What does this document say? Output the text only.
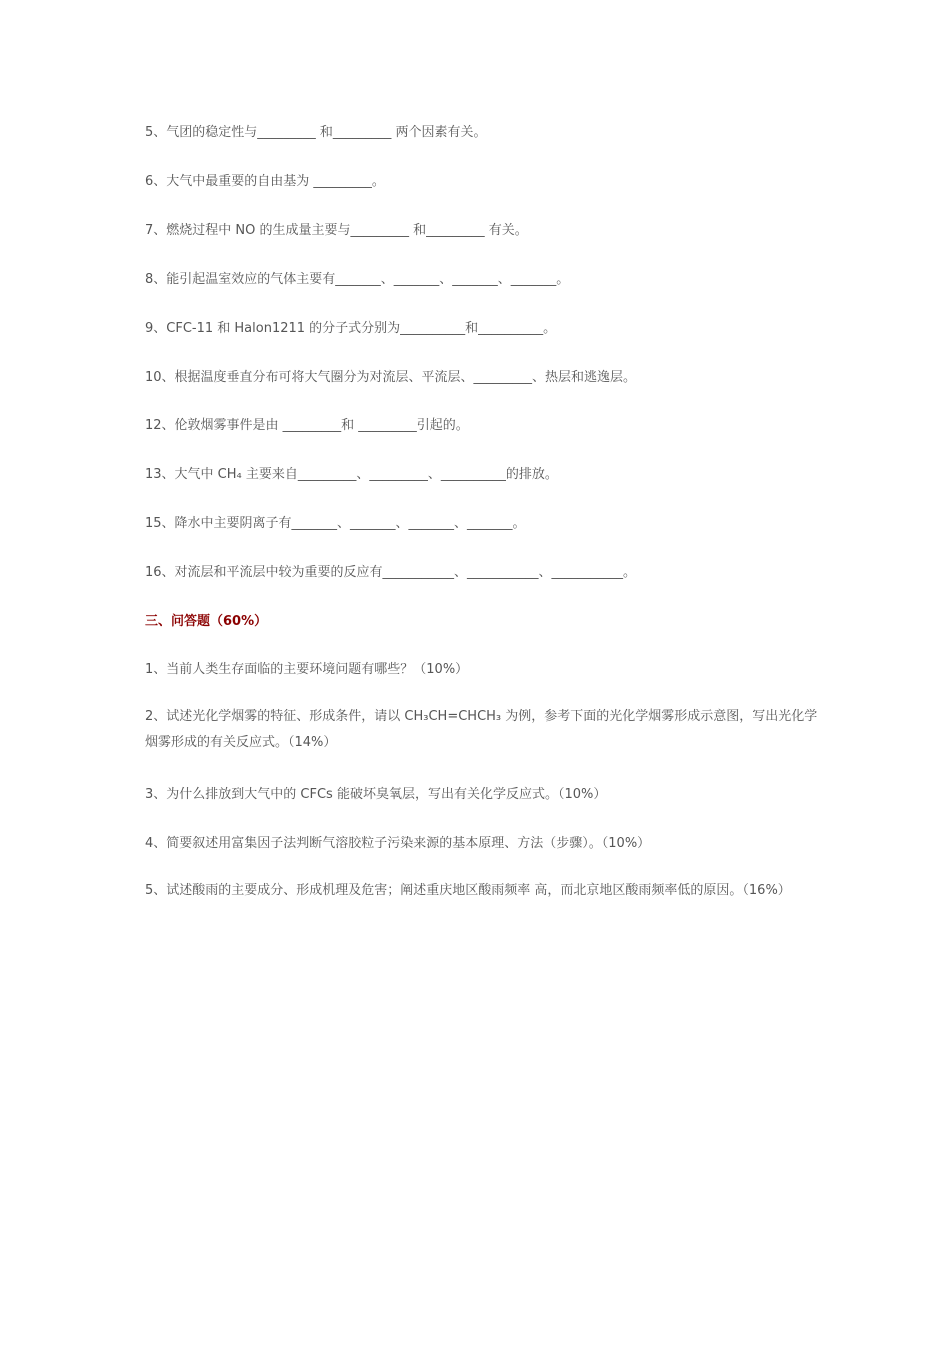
5、气团的稳定性与_________ 和_________ 两个因素有关。
6、大气中最重要的自由基为 _________。
7、燃烧过程中 NO 的生成量主要与_________ 和_________ 有关。
8、能引起温室效应的气体主要有_______、_______、_______、_______。
9、CFC-11 和 Halon1211 的分子式分别为__________和__________。
10、根据温度垂直分布可将大气圈分为对流层、平流层、_________、热层和逃逸层。
12、伦敦烟雾事件是由 _________和 _________引起的。
13、大气中 CH₄ 主要来自_________、_________、__________的排放。
15、降水中主要阴离子有_______、_______、_______、_______。
16、对流层和平流层中较为重要的反应有___________、___________、___________。
三、问答题（60%）
1、当前人类生存面临的主要环境问题有哪些？（10%）
2、试述光化学烟雾的特征、形成条件，请以 CH₃CH=CHCH₃ 为例，参考下面的光化学烟雾形成示意图，写出光化学烟雾形成的有关反应式。（14%）
3、为什么排放到大气中的 CFCs 能破坏臭氧层，写出有关化学反应式。（10%）
4、简要叙述用富集因子法判断气溶胶粒子污染来源的基本原理、方法（步骤）。（10%）
5、试述酸雨的主要成分、形成机理及危害；阐述重庆地区酸雨频率 高，而北京地区酸雨频率低的原因。（16%）
